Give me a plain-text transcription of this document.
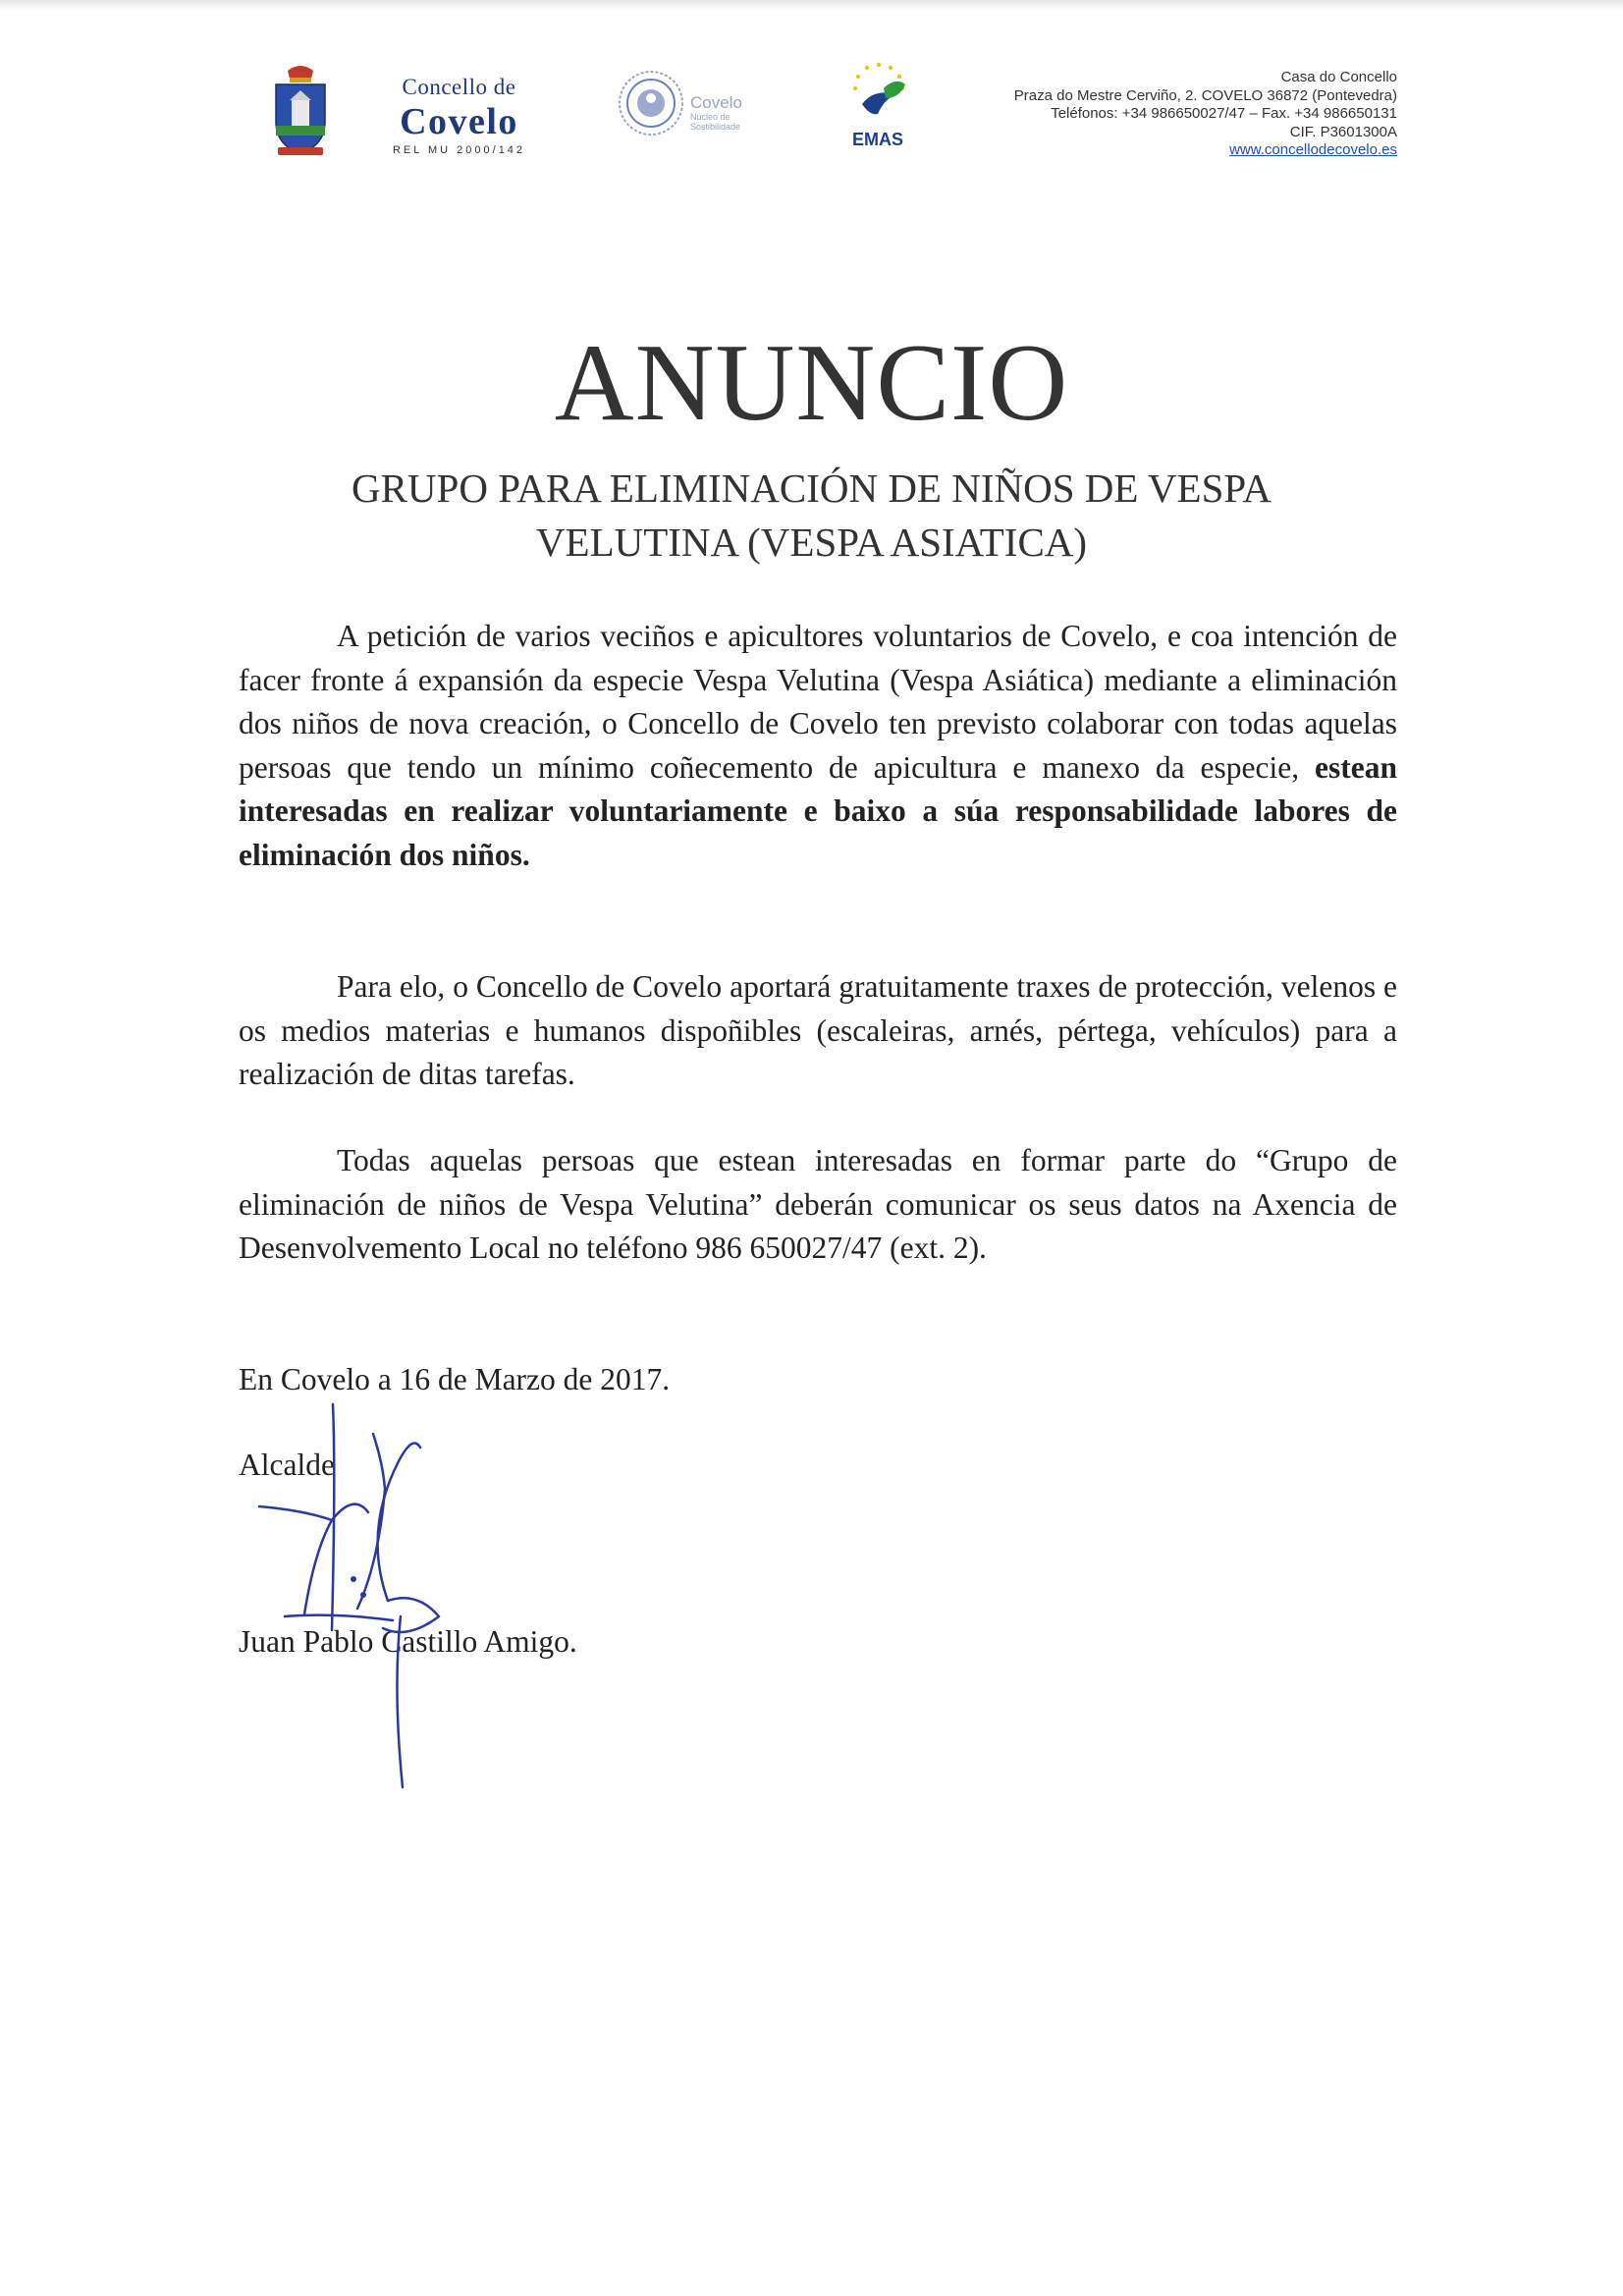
Concello de
Covelo
REL MU 2000/142
Covelo
Núcleo de
Sostibilidade
EMAS
Casa do Concello
Praza do Mestre Cerviño, 2. COVELO 36872 (Pontevedra)
Teléfonos: +34 986650027/47 – Fax. +34 986650131
CIF. P3601300A
www.concellodecovelo.es
ANUNCIO
GRUPO PARA ELIMINACIÓN DE NIÑOS DE VESPA
VELUTINA (VESPA ASIATICA)
A petición de varios veciños e apicultores voluntarios de Covelo, e coa intención de facer fronte á expansión da especie Vespa Velutina (Vespa Asiática) mediante a eliminación dos niños de nova creación, o Concello de Covelo ten previsto colaborar con todas aquelas persoas que tendo un mínimo coñecemento de apicultura e manexo da especie, estean interesadas en realizar voluntariamente e baixo a súa responsabilidade labores de eliminación dos niños.
Para elo, o Concello de Covelo aportará gratuitamente traxes de protección, velenos e os medios materias e humanos dispoñibles (escaleiras, arnés, pértega, vehículos) para a realización de ditas tarefas.
Todas aquelas persoas que estean interesadas en formar parte do “Grupo de eliminación de niños de Vespa Velutina” deberán comunicar os seus datos na Axencia de Desenvolvemento Local no teléfono 986 650027/47 (ext. 2).
En Covelo a 16 de Marzo de 2017.
Alcalde
Juan Pablo Castillo Amigo.
